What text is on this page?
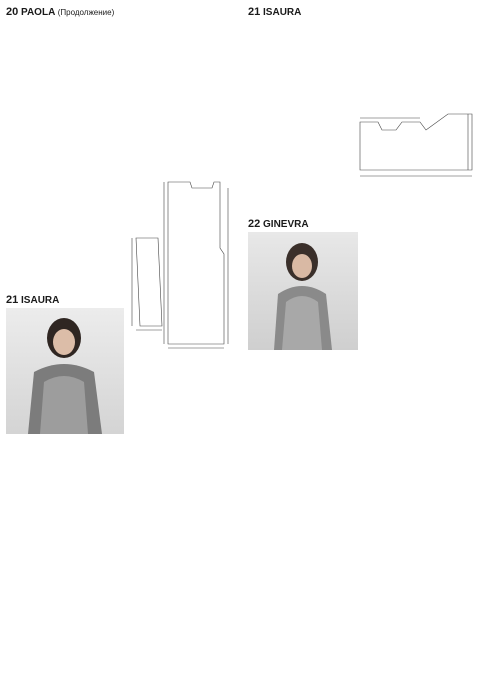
20 PAOLA (Продолжение)	21 ISAURA
22 GINEVRA
21 ISAURA
